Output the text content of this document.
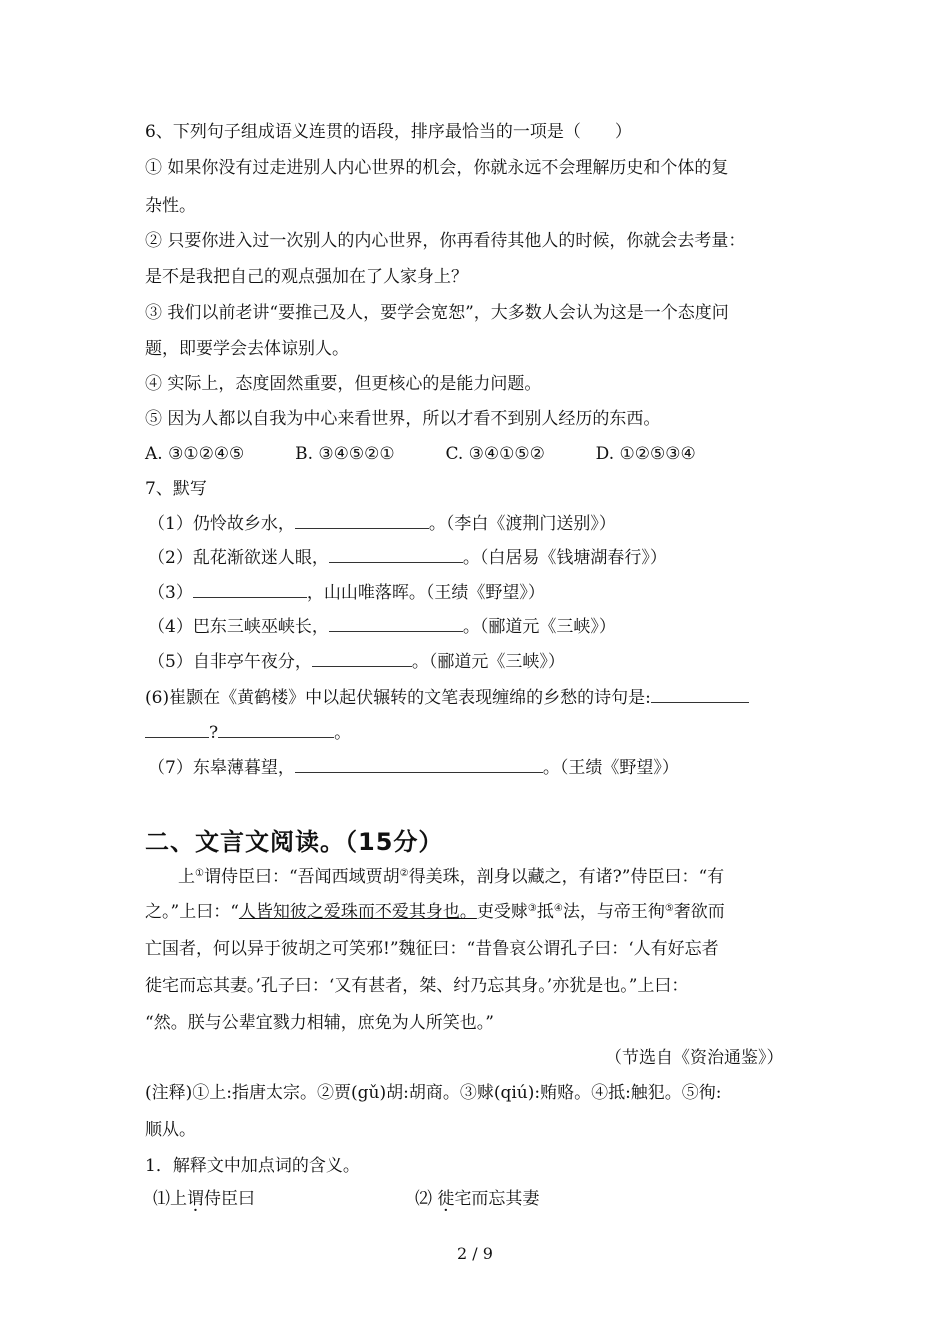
6、下列句子组成语义连贯的语段，排序最恰当的一项是（　　）
① 如果你没有过走进别人内心世界的机会，你就永远不会理解历史和个体的复
杂性。
② 只要你进入过一次别人的内心世界，你再看待其他人的时候，你就会去考量：
是不是我把自己的观点强加在了人家身上？
③ 我们以前老讲“要推己及人，要学会宽恕”，大多数人会认为这是一个态度问
题，即要学会去体谅别人。
④ 实际上，态度固然重要，但更核心的是能力问题。
⑤ 因为人都以自我为中心来看世界，所以才看不到别人经历的东西。
A. ③①②④⑤	B. ③④⑤②①	C. ③④①⑤②	D. ①②⑤③④
7、默写
（1）仍怜故乡水，	。（李白《渡荆门送别》）
（2）乱花渐欲迷人眼，	。（白居易《钱塘湖春行》）
（3）	，山山唯落晖。（王绩《野望》）
（4）巴东三峡巫峡长，	。（郦道元《三峡》）
（5）自非亭午夜分，	。（郦道元《三峡》）
(6)崔颢在《黄鹤楼》中以起伏辗转的文笔表现缠绵的乡愁的诗句是:
?	。
（7）东皋薄暮望，	。（王绩《野望》）
二、文言文阅读。（15分）
上①谓侍臣曰：“吾闻西域贾胡②得美珠，剖身以藏之，有诸?”侍臣曰：“有
之。”上曰：“人皆知彼之爱珠而不爱其身也。吏受赇③抵④法，与帝王徇⑤奢欲而
亡国者，何以异于彼胡之可笑邪!”魏征曰：“昔鲁哀公谓孔子曰：‘人有好忘者
徙宅而忘其妻。’孔子曰：‘又有甚者，桀、纣乃忘其身。’亦犹是也。”上曰：
“然。朕与公辈宜戮力相辅，庶免为人所笑也。”
（节选自《资治通鉴》）
(注释)①上:指唐太宗。②贾(gǔ)胡:胡商。③赇(qiú):贿赂。④抵:触犯。⑤徇:
顺从。
1．解释文中加点词的含义。
⑴上谓侍臣曰	⑵ 徙宅而忘其妻
2 / 9
